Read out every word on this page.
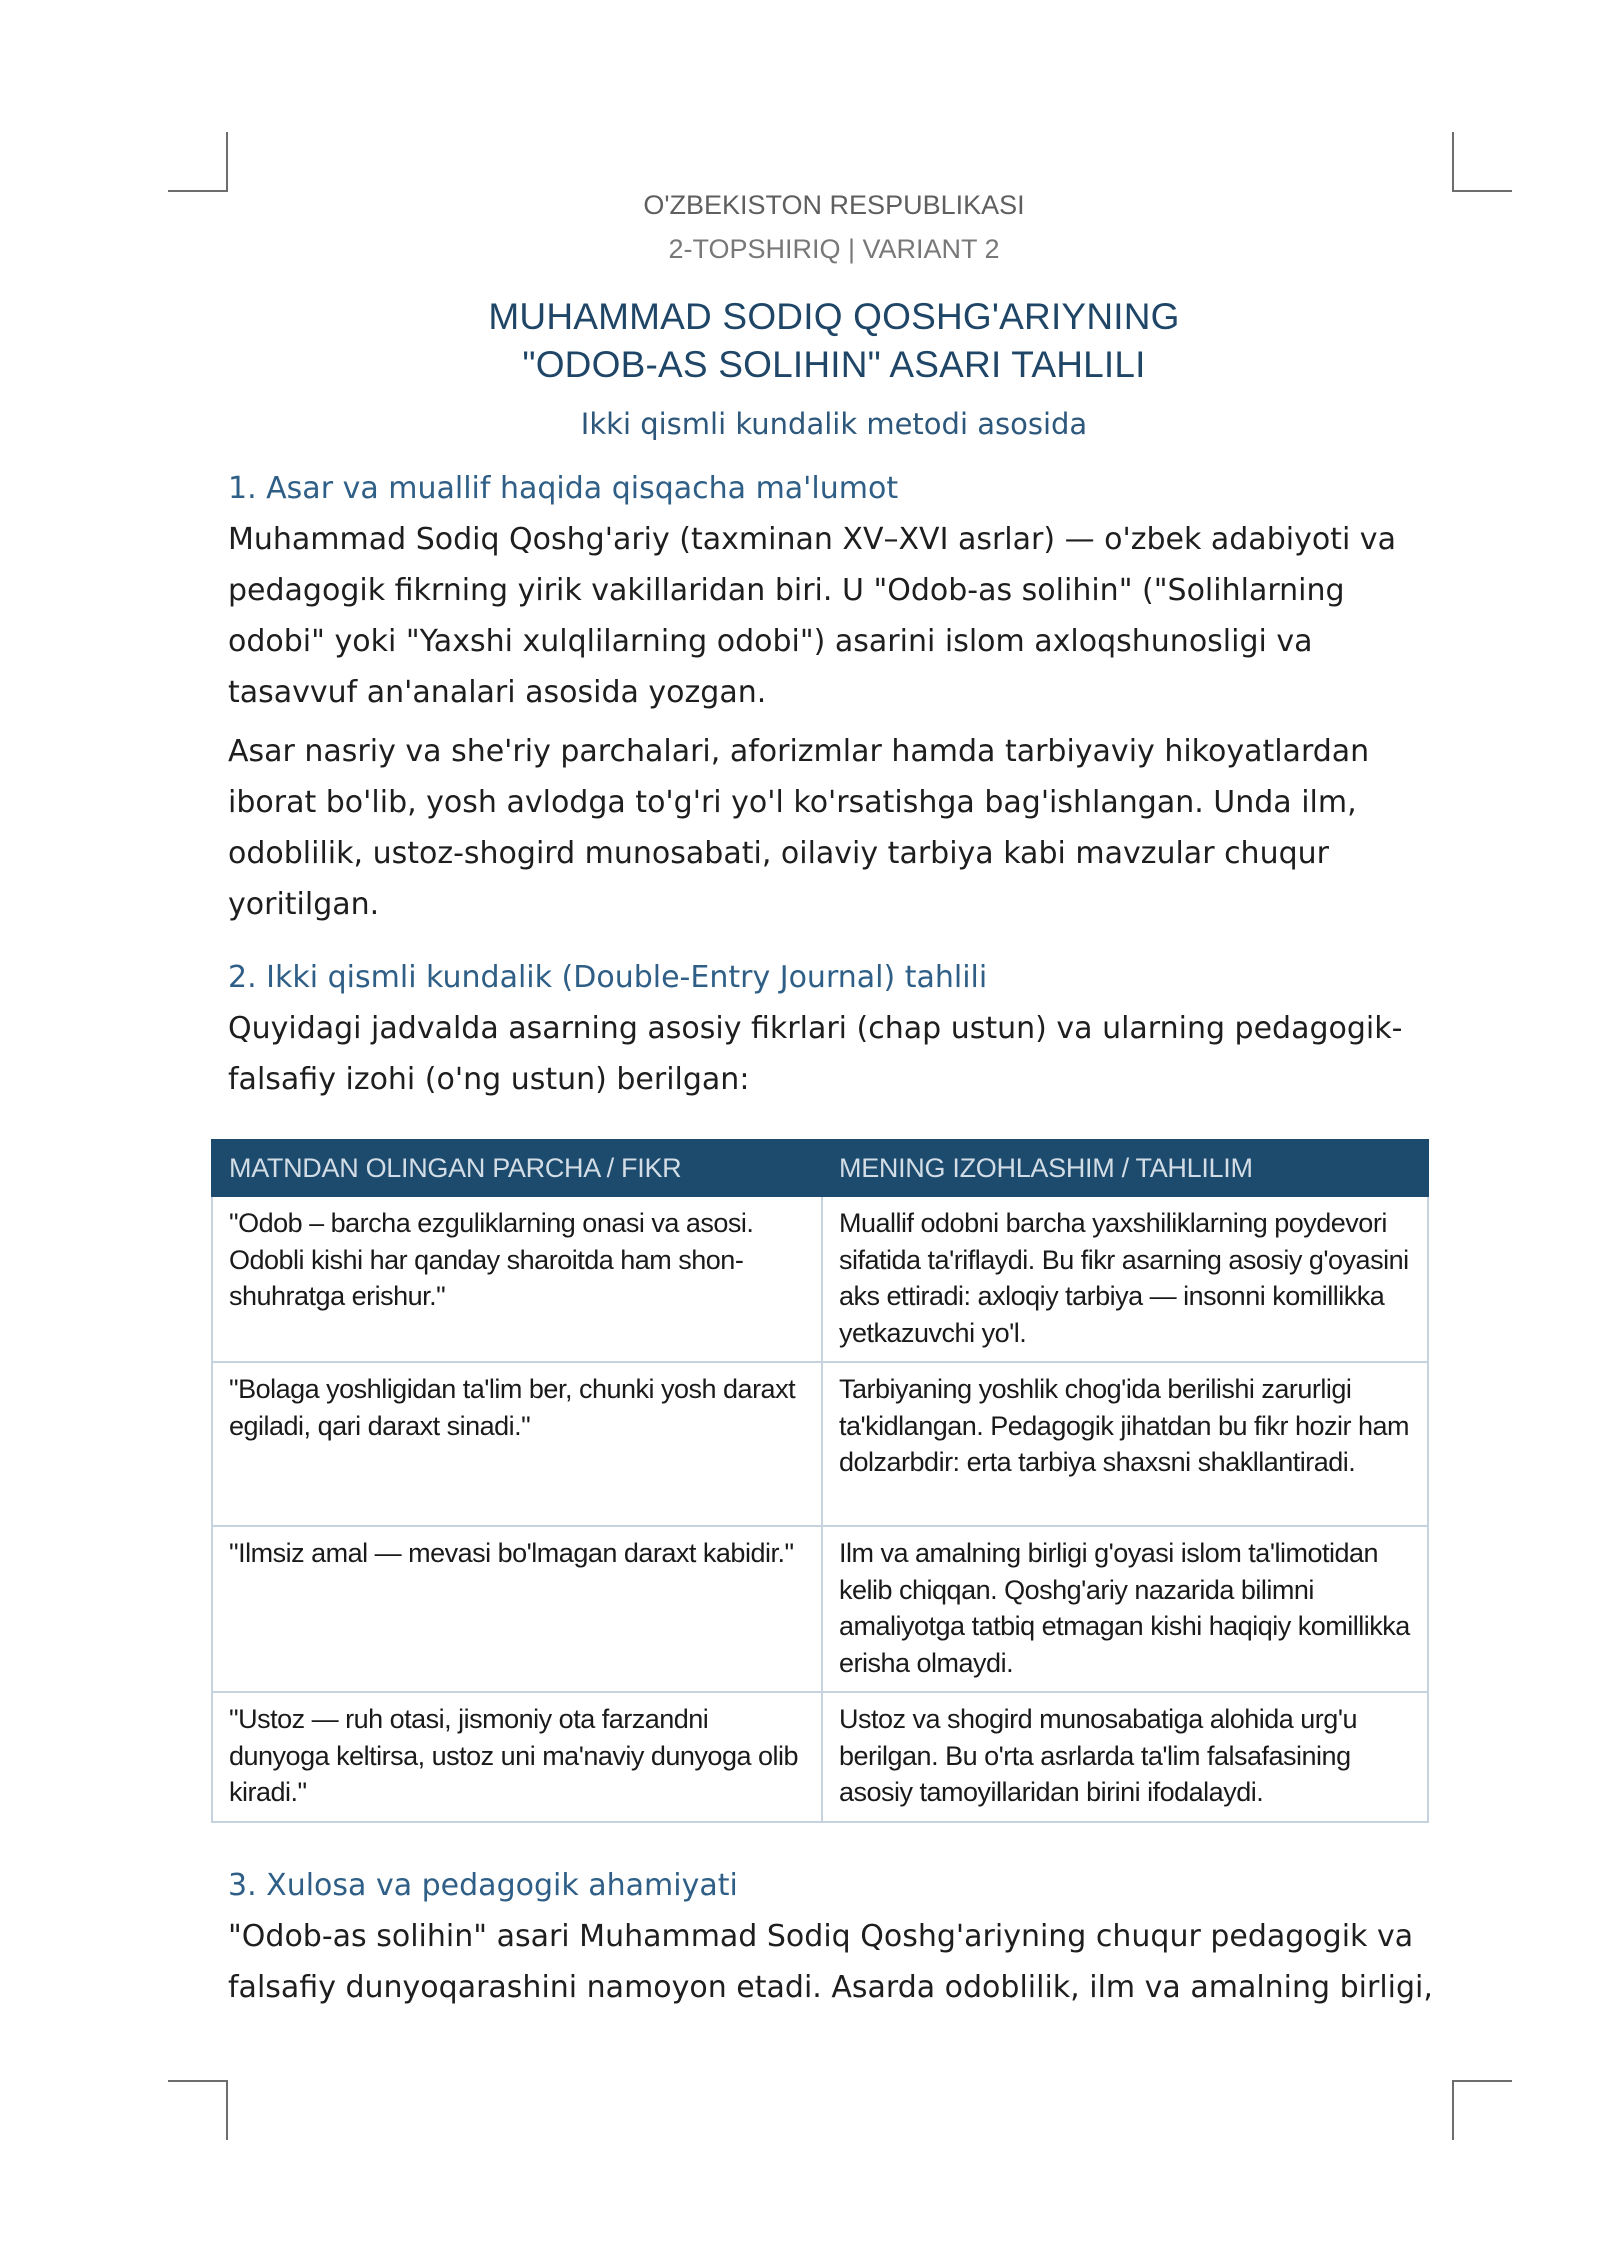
O'ZBEKISTON RESPUBLIKASI
2-TOPSHIRIQ | VARIANT 2
MUHAMMAD SODIQ QOSHG'ARIYNING
"ODOB-AS SOLIHIN" ASARI TAHLILI
Ikki qismli kundalik metodi asosida
1. Asar va muallif haqida qisqacha ma'lumot

Muhammad Sodiq Qoshg'ariy (taxminan XV–XVI asrlar) — o'zbek adabiyoti va pedagogik fikrning yirik vakillaridan biri. U "Odob-as solihin" ("Solihlarning odobi" yoki "Yaxshi xulqlilarning odobi") asarini islom axloqshunosligi va tasavvuf an'analari asosida yozgan.

Asar nasriy va she'riy parchalari, aforizmlar hamda tarbiyaviy hikoyatlardan iborat bo'lib, yosh avlodga to'g'ri yo'l ko'rsatishga bag'ishlangan. Unda ilm, odoblilik, ustoz-shogird munosabati, oilaviy tarbiya kabi mavzular chuqur yoritilgan.

2. Ikki qismli kundalik (Double-Entry Journal) tahlili

Quyidagi jadvalda asarning asosiy fikrlari (chap ustun) va ularning pedagogik-falsafiy izohi (o'ng ustun) berilgan:

MATNDAN OLINGAN PARCHA / FIKR	MENING IZOHLASHIM / TAHLILIM
"Odob – barcha ezguliklarning onasi va asosi. Odobli kishi har qanday sharoitda ham shon-shuhratga erishur."	Muallif odobni barcha yaxshiliklarning poydevori sifatida ta'riflaydi. Bu fikr asarning asosiy g'oyasini aks ettiradi: axloqiy tarbiya — insonni komillikka yetkazuvchi yo'l.
"Bolaga yoshligidan ta'lim ber, chunki yosh daraxt egiladi, qari daraxt sinadi."	Tarbiyaning yoshlik chog'ida berilishi zarurligi ta'kidlangan. Pedagogik jihatdan bu fikr hozir ham dolzarbdir: erta tarbiya shaxsni shakllantiradi.
"Ilmsiz amal — mevasi bo'lmagan daraxt kabidir."	Ilm va amalning birligi g'oyasi islom ta'limotidan kelib chiqqan. Qoshg'ariy nazarida bilimni amaliyotga tatbiq etmagan kishi haqiqiy komillikka erisha olmaydi.
"Ustoz — ruh otasi, jismoniy ota farzandni dunyoga keltirsa, ustoz uni ma'naviy dunyoga olib kiradi."	Ustoz va shogird munosabatiga alohida urg'u berilgan. Bu o'rta asrlarda ta'lim falsafasining asosiy tamoyillaridan birini ifodalaydi.
3. Xulosa va pedagogik ahamiyati

"Odob-as solihin" asari Muhammad Sodiq Qoshg'ariyning chuqur pedagogik va falsafiy dunyoqarashini namoyon etadi. Asarda odoblilik, ilm va amalning birligi,
